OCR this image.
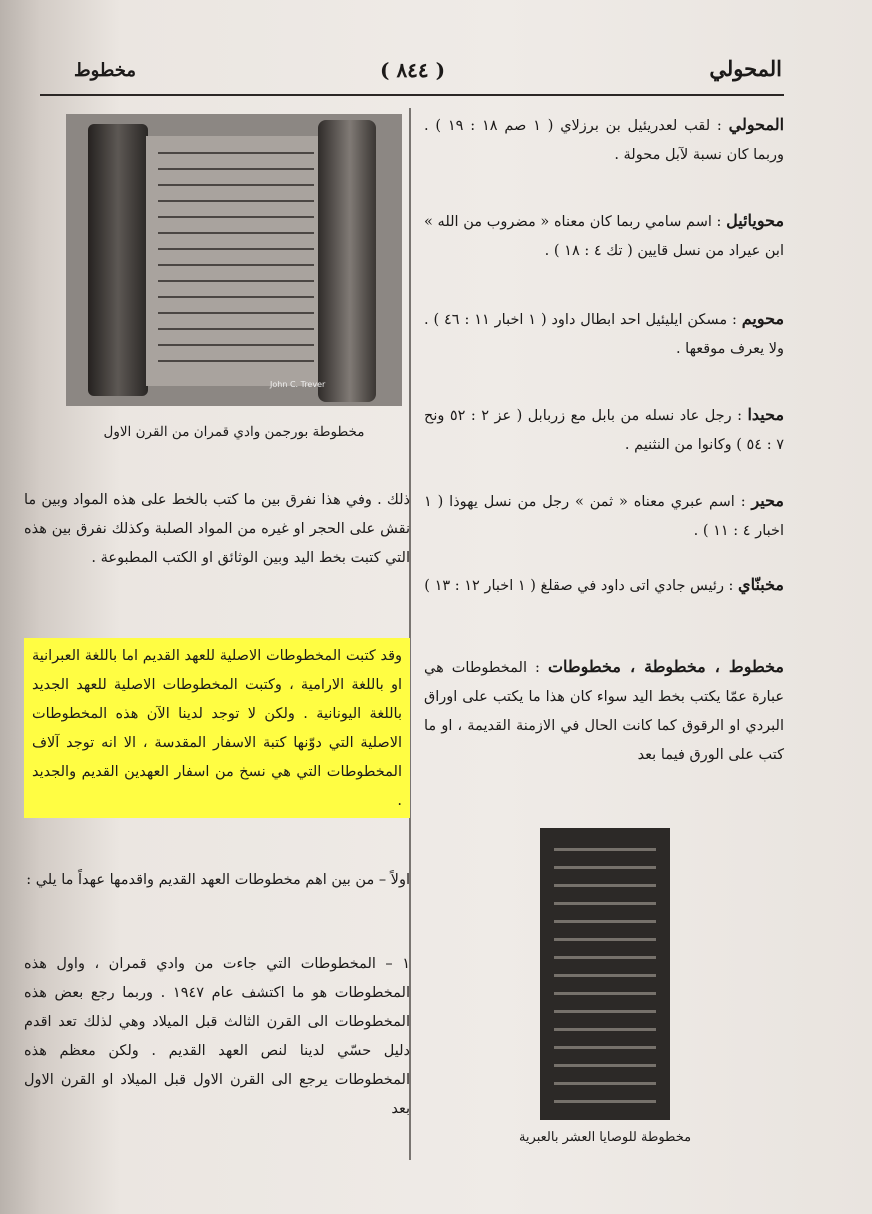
المحولي
( ٨٤٤ )
مخطوط

المحولي : لقب لعدريئيل بن برزلاي ( ١ صم ١٨ : ١٩ ) . وربما كان نسبة لآبل محولة .

محويائيل : اسم سامي ربما كان معناه « مضروب من الله » ابن عيراد من نسل قايين ( تك ٤ : ١٨ ) .

محويم : مسكن ايليئيل احد ابطال داود ( ١ اخبار ١١ : ٤٦ ) . ولا يعرف موقعها .

محيدا : رجل عاد نسله من بابل مع زربابل ( عز ٢ : ٥٢ ونح ٧ : ٥٤ ) وكانوا من النثنيم .

محير : اسم عبري معناه « ثمن » رجل من نسل يهوذا ( ١ اخبار ٤ : ١١ ) .

مخبنّاي : رئيس جادي اتى داود في صقلغ ( ١ اخبار ١٢ : ١٣ )

مخطوط ، مخطوطة ، مخطوطات : المخطوطات هي عبارة عمّا يكتب بخط اليد سواء كان هذا ما يكتب على اوراق البردي او الرقوق كما كانت الحال في الازمنة القديمة ، او ما كتب على الورق فيما بعد

مخطوطة للوصايا العشر بالعبرية
John C. Trever
مخطوطة بورجمن وادي قمران من القرن الاول

ذلك . وفي هذا نفرق بين ما كتب بالخط على هذه المواد وبين ما نقش على الحجر او غيره من المواد الصلبة وكذلك نفرق بين هذه التي كتبت بخط اليد وبين الوثائق او الكتب المطبوعة .

وقد كتبت المخطوطات الاصلية للعهد القديم اما باللغة العبرانية او باللغة الارامية ، وكتبت المخطوطات الاصلية للعهد الجديد باللغة اليونانية . ولكن لا توجد لدينا الآن هذه المخطوطات الاصلية التي دوّنها كتبة الاسفار المقدسة ، الا انه توجد آلاف المخطوطات التي هي نسخ من اسفار العهدين القديم والجديد .

اولاً – من بين اهم مخطوطات العهد القديم واقدمها عهداً ما يلي :

١ – المخطوطات التي جاءت من وادي قمران ، واول هذه المخطوطات هو ما اكتشف عام ١٩٤٧ . وربما رجع بعض هذه المخطوطات الى القرن الثالث قبل الميلاد وهي لذلك تعد اقدم دليل حسّي لدينا لنص العهد القديم . ولكن معظم هذه المخطوطات يرجع الى القرن الاول قبل الميلاد او القرن الاول بعد
